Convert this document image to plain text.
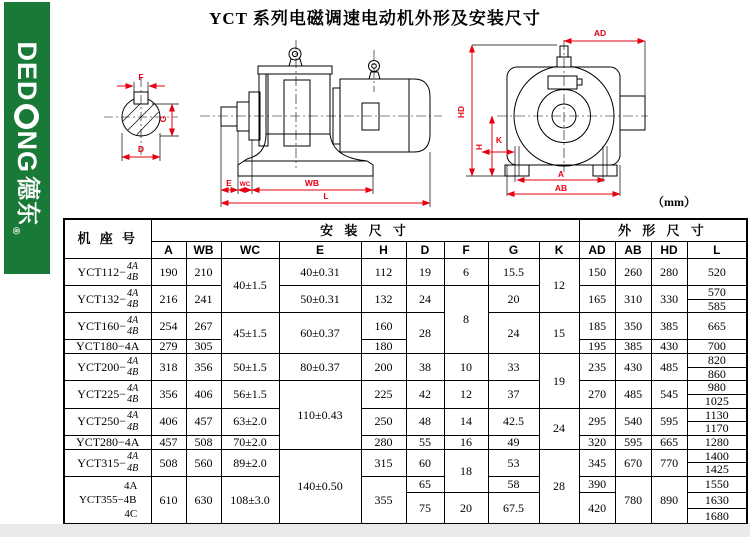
DED
NG
德东
®
YCT 系列电磁调速电动机外形及安装尺寸
F
G
D
E WC	WB
L
AD
HD
H
K
A
AB
（mm）
机 座 号	安 装 尺 寸									外 形 尺 寸			
	A	WB	WC	E	H	D	F	G	K	AD	AB	HD	L

YCT112− 4A
4B	190	210	40±1.5	40±0.31	112	19	6	15.5	12	150	260	280	520

YCT132− 4A
4B	216	241		50±0.31	132	24	8	20		165	310	330	570
													585

YCT160− 4A
4B	254	267	45±1.5	60±0.37	160	28		24	15	185	350	385	665

YCT180−4A	279	305			180					195	385	430	700

YCT200− 4A
4B	318	356	50±1.5	80±0.37	200	38	10	33	19	235	430	485	820
													860

YCT225− 4A
4B	356	406	56±1.5	110±0.43	225	42	12	37		270	485	545	980
													1025

YCT250− 4A
4B	406	457	63±2.0		250	48	14	42.5	24	295	540	595	1130
													1170
YCT280−4A	457	508	70±2.0		280	55	16	49		320	595	665	1280

YCT315− 4A
4B	508	560	89±2.0	140±0.50	315	60	18	53	28	345	670	770	1400
													1425

4A
YCT355−4B
4C	610	630	108±3.0		355	65		58		390	780	890	1550
						75	20	67.5		420			1630
													1680
